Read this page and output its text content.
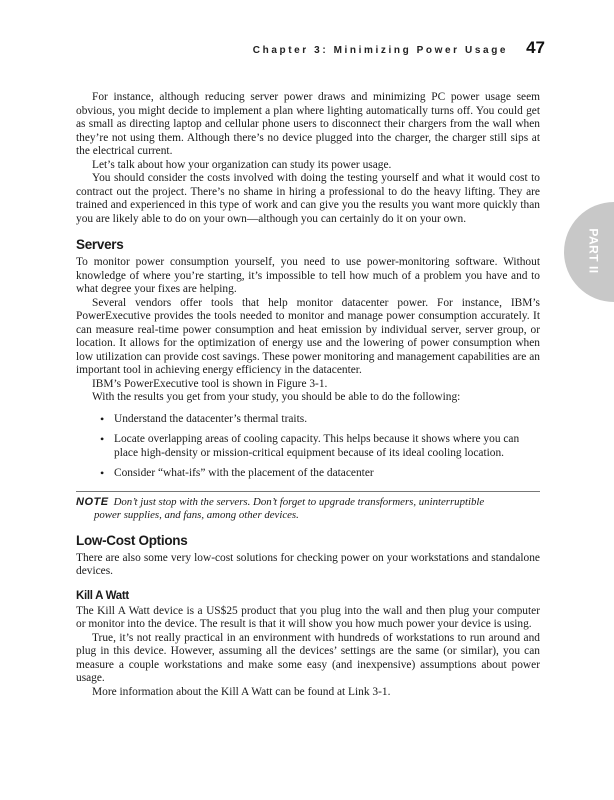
Chapter 3: Minimizing Power Usage 47
PART II

For instance, although reducing server power draws and minimizing PC power usage seem obvious, you might decide to implement a plan where lighting automatically turns off. You could get as small as directing laptop and cellular phone users to disconnect their chargers from the wall when they’re not using them. Although there’s no device plugged into the charger, the charger still sips at the electrical current.

Let’s talk about how your organization can study its power usage.

You should consider the costs involved with doing the testing yourself and what it would cost to contract out the project. There’s no shame in hiring a professional to do the heavy lifting. They are trained and experienced in this type of work and can give you the results you want more quickly than you are likely able to do on your own—although you can certainly do it on your own.

Servers

To monitor power consumption yourself, you need to use power-monitoring software. Without knowledge of where you’re starting, it’s impossible to tell how much of a problem you have and to what degree your fixes are helping.

Several vendors offer tools that help monitor datacenter power. For instance, IBM’s PowerExecutive provides the tools needed to monitor and manage power consumption accurately. It can measure real-time power consumption and heat emission by individual server, server group, or location. It allows for the optimization of energy use and the lowering of power consumption when low utilization can provide cost savings. These power monitoring and management capabilities are an important tool in achieving energy efficiency in the datacenter.

IBM’s PowerExecutive tool is shown in Figure 3-1.

With the results you get from your study, you should be able to do the following:

• Understand the datacenter’s thermal traits.
• Locate overlapping areas of cooling capacity. This helps because it shows where you can place high-density or mission-critical equipment because of its ideal cooling location.
• Consider “what-ifs” with the placement of the datacenter
NOTE Don’t just stop with the servers. Don’t forget to upgrade transformers, uninterruptible
power supplies, and fans, among other devices.
Low-Cost Options

There are also some very low-cost solutions for checking power on your workstations and standalone devices.

Kill A Watt

The Kill A Watt device is a US$25 product that you plug into the wall and then plug your computer or monitor into the device. The result is that it will show you how much power your device is using.

True, it’s not really practical in an environment with hundreds of workstations to run around and plug in this device. However, assuming all the devices’ settings are the same (or similar), you can measure a couple workstations and make some easy (and inexpensive) assumptions about power usage.

More information about the Kill A Watt can be found at Link 3-1.
